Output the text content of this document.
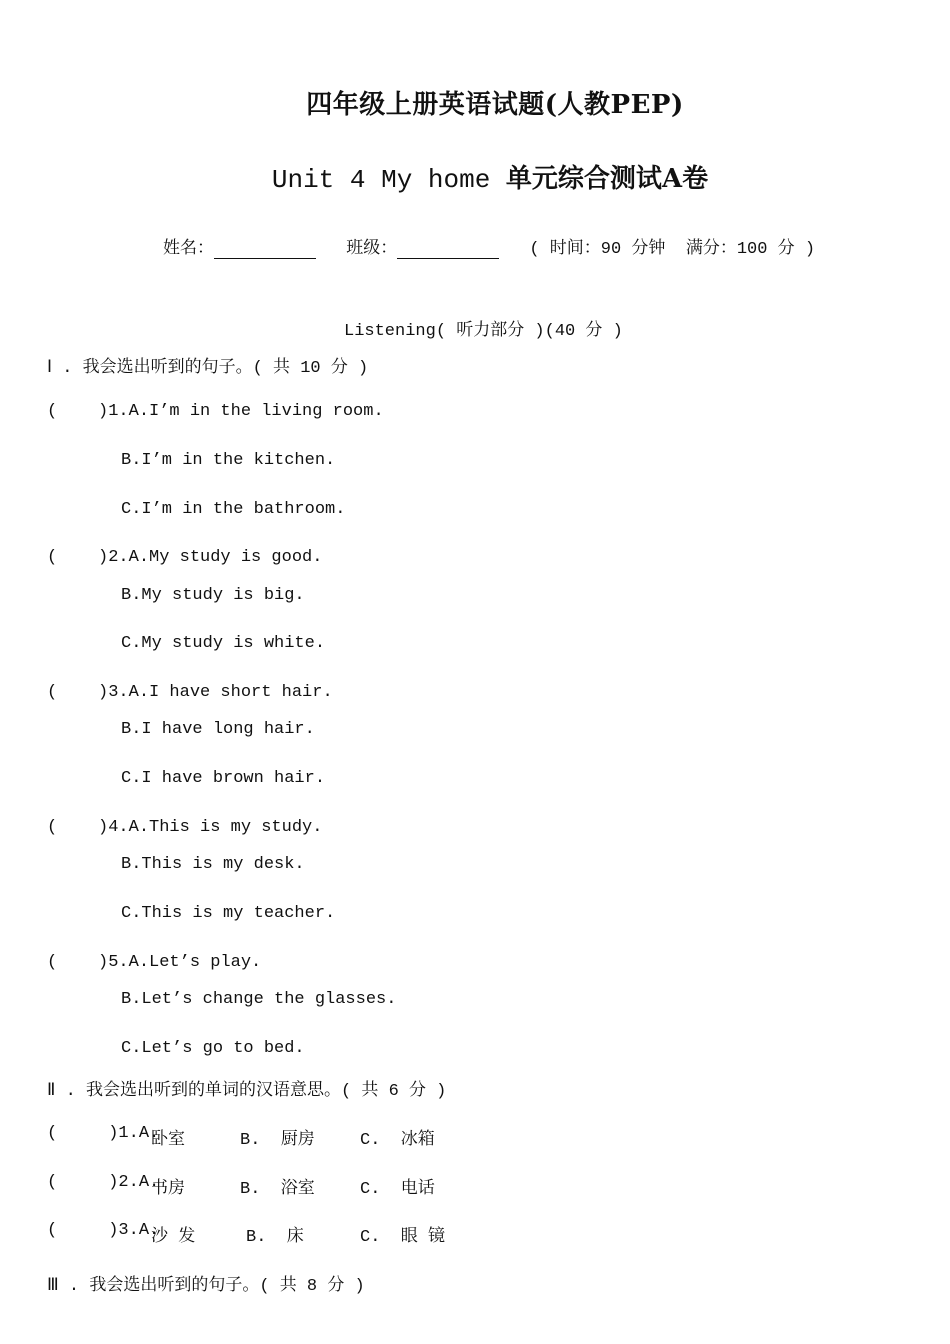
四年级上册英语试题(人教PEP)
Unit 4 My home 单元综合测试A卷
姓名：	班级：	( 时间：90 分钟  满分：100 分 )
Listening( 听力部分 )(40 分 )
Ⅰ . 我会选出听到的句子。( 共 10 分 )
(    )1.A.I’m in the living room.
B.I’m in the kitchen.
C.I’m in the bathroom.
(    )2.A.My study is good.
B.My study is big.
C.My study is white.
(    )3.A.I have short hair.
B.I have long hair.
C.I have brown hair.
(    )4.A.This is my study.
B.This is my desk.
C.This is my teacher.
(    )5.A.Let’s play.
B.Let’s change the glasses.
C.Let’s go to bed.
Ⅱ . 我会选出听到的单词的汉语意思。( 共 6 分 )
(     )1.A.
卧室	B.  厨房	C.  冰箱
(     )2.A.
书房	B.  浴室	C.  电话
(     )3.A.
沙 发	B.  床	C.  眼 镜
Ⅲ . 我会选出听到的句子。( 共 8 分 )
